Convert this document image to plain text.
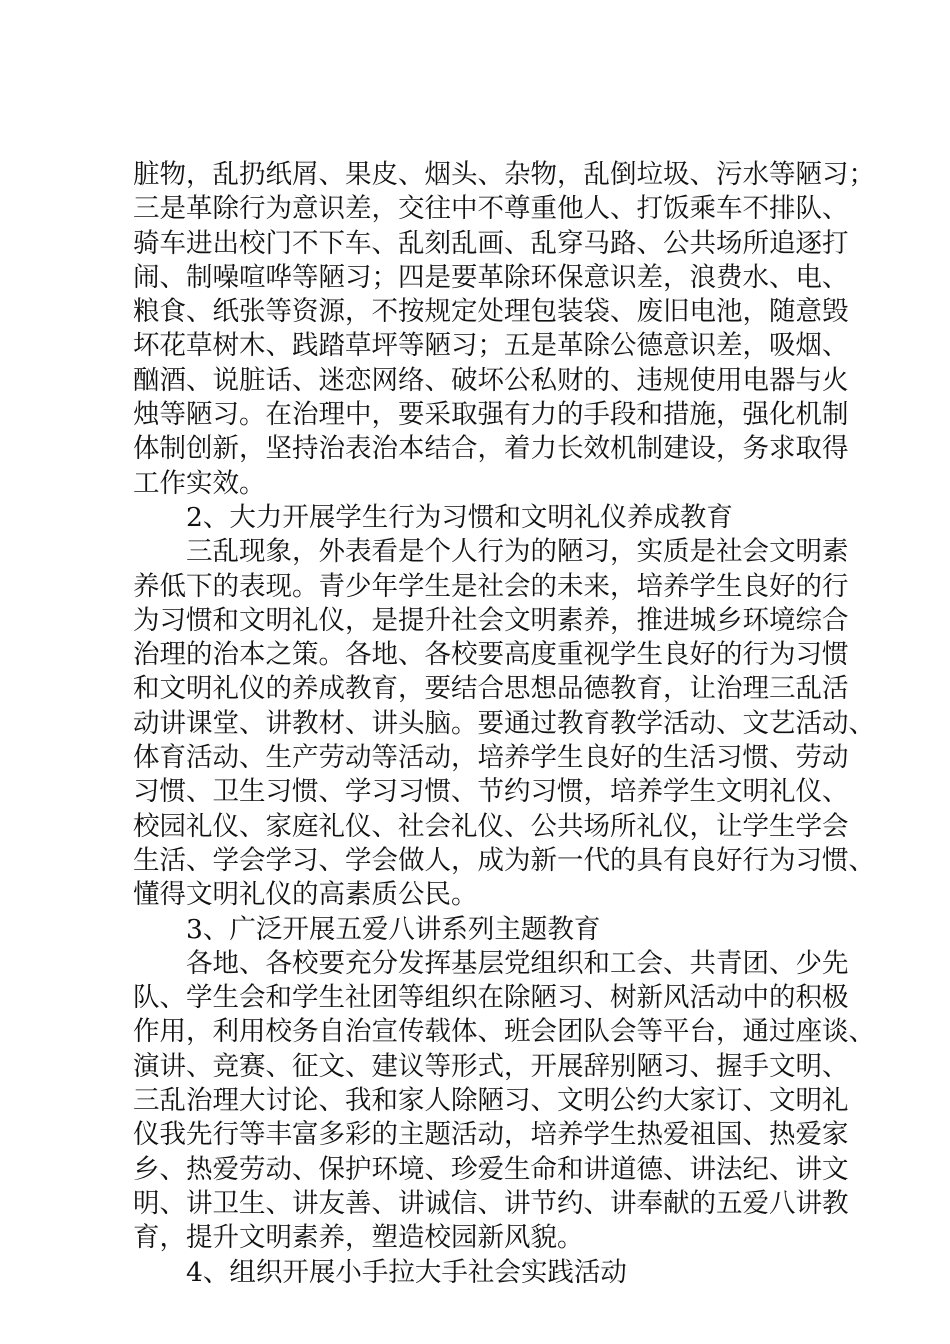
脏物，乱扔纸屑、果皮、烟头、杂物，乱倒垃圾、污水等陋习；
三是革除行为意识差，交往中不尊重他人、打饭乘车不排队、
骑车进出校门不下车、乱刻乱画、乱穿马路、公共场所追逐打
闹、制噪喧哗等陋习；四是要革除环保意识差，浪费水、电、
粮食、纸张等资源，不按规定处理包装袋、废旧电池，随意毁
坏花草树木、践踏草坪等陋习；五是革除公德意识差，吸烟、
酗酒、说脏话、迷恋网络、破坏公私财的、违规使用电器与火
烛等陋习。在治理中，要采取强有力的手段和措施，强化机制
体制创新，坚持治表治本结合，着力长效机制建设，务求取得
工作实效。
2、大力开展学生行为习惯和文明礼仪养成教育
三乱现象，外表看是个人行为的陋习，实质是社会文明素
养低下的表现。青少年学生是社会的未来，培养学生良好的行
为习惯和文明礼仪，是提升社会文明素养，推进城乡环境综合
治理的治本之策。各地、各校要高度重视学生良好的行为习惯
和文明礼仪的养成教育，要结合思想品德教育，让治理三乱活
动讲课堂、讲教材、讲头脑。要通过教育教学活动、文艺活动、
体育活动、生产劳动等活动，培养学生良好的生活习惯、劳动
习惯、卫生习惯、学习习惯、节约习惯，培养学生文明礼仪、
校园礼仪、家庭礼仪、社会礼仪、公共场所礼仪，让学生学会
生活、学会学习、学会做人，成为新一代的具有良好行为习惯、
懂得文明礼仪的高素质公民。
3、广泛开展五爱八讲系列主题教育
各地、各校要充分发挥基层党组织和工会、共青团、少先
队、学生会和学生社团等组织在除陋习、树新风活动中的积极
作用，利用校务自治宣传载体、班会团队会等平台，通过座谈、
演讲、竞赛、征文、建议等形式，开展辞别陋习、握手文明、
三乱治理大讨论、我和家人除陋习、文明公约大家订、文明礼
仪我先行等丰富多彩的主题活动，培养学生热爱祖国、热爱家
乡、热爱劳动、保护环境、珍爱生命和讲道德、讲法纪、讲文
明、讲卫生、讲友善、讲诚信、讲节约、讲奉献的五爱八讲教
育，提升文明素养，塑造校园新风貌。
4、组织开展小手拉大手社会实践活动
